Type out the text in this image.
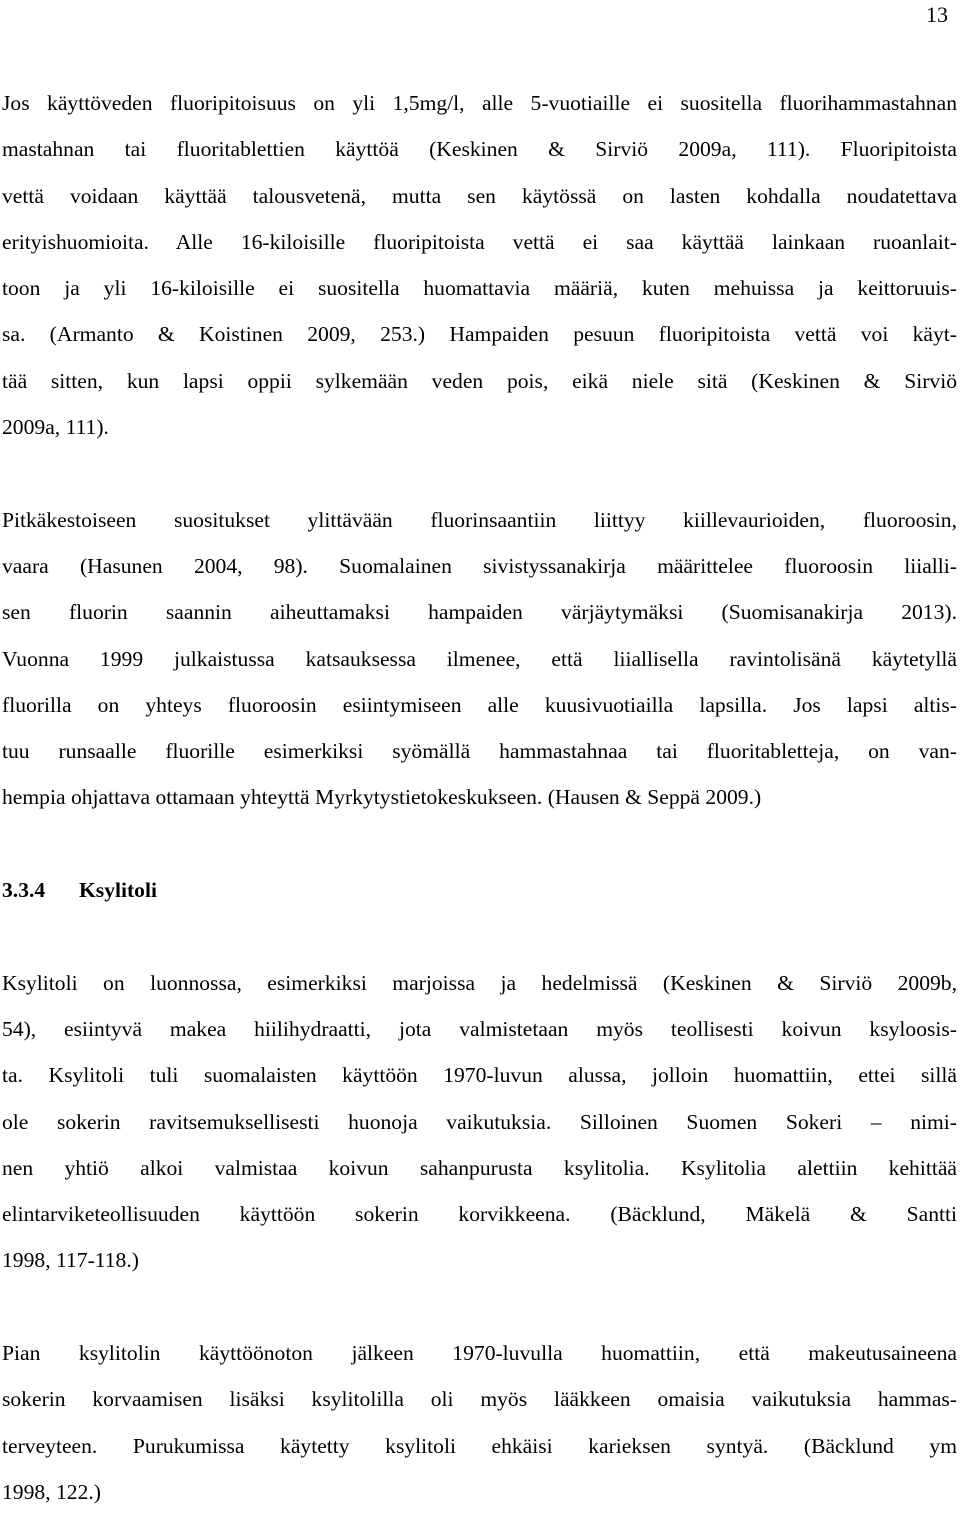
13
Jos käyttöveden fluoripitoisuus on yli 1,5mg/l, alle 5-vuotiaille ei suositella fluorihammastahnan
mastahnan tai fluoritablettien käyttöä (Keskinen & Sirviö 2009a, 111). Fluoripitoista
vettä voidaan käyttää talousvetenä, mutta sen käytössä on lasten kohdalla noudatettava
erityishuomioita. Alle 16-kiloisille fluoripitoista vettä ei saa käyttää lainkaan ruoanlait-
toon ja yli 16-kiloisille ei suositella huomattavia määriä, kuten mehuissa ja keittoruuis-
sa. (Armanto & Koistinen 2009, 253.) Hampaiden pesuun fluoripitoista vettä voi käyt-
tää sitten, kun lapsi oppii sylkemään veden pois, eikä niele sitä (Keskinen & Sirviö
2009a, 111).
Pitkäkestoiseen suositukset ylittävään fluorinsaantiin liittyy kiillevaurioiden, fluoroosin,
vaara (Hasunen 2004, 98). Suomalainen sivistyssanakirja määrittelee fluoroosin liialli-
sen fluorin saannin aiheuttamaksi hampaiden värjäytymäksi (Suomisanakirja 2013).
Vuonna 1999 julkaistussa katsauksessa ilmenee, että liiallisella ravintolisänä käytetyllä
fluorilla on yhteys fluoroosin esiintymiseen alle kuusivuotiailla lapsilla. Jos lapsi altis-
tuu runsaalle fluorille esimerkiksi syömällä hammastahnaa tai fluoritabletteja, on van-
hempia ohjattava ottamaan yhteyttä Myrkytystietokeskukseen. (Hausen & Seppä 2009.)
3.3.4 Ksylitoli
Ksylitoli on luonnossa, esimerkiksi marjoissa ja hedelmissä (Keskinen & Sirviö 2009b,
54), esiintyvä makea hiilihydraatti, jota valmistetaan myös teollisesti koivun ksyloosis-
ta. Ksylitoli tuli suomalaisten käyttöön 1970-luvun alussa, jolloin huomattiin, ettei sillä
ole sokerin ravitsemuksellisesti huonoja vaikutuksia. Silloinen Suomen Sokeri – nimi-
nen yhtiö alkoi valmistaa koivun sahanpurusta ksylitolia. Ksylitolia alettiin kehittää
elintarviketeollisuuden käyttöön sokerin korvikkeena. (Bäcklund, Mäkelä & Santti
1998, 117-118.)
Pian ksylitolin käyttöönoton jälkeen 1970-luvulla huomattiin, että makeutusaineena
sokerin korvaamisen lisäksi ksylitolilla oli myös lääkkeen omaisia vaikutuksia hammas-
terveyteen. Purukumissa käytetty ksylitoli ehkäisi karieksen syntyä. (Bäcklund ym
1998, 122.)
